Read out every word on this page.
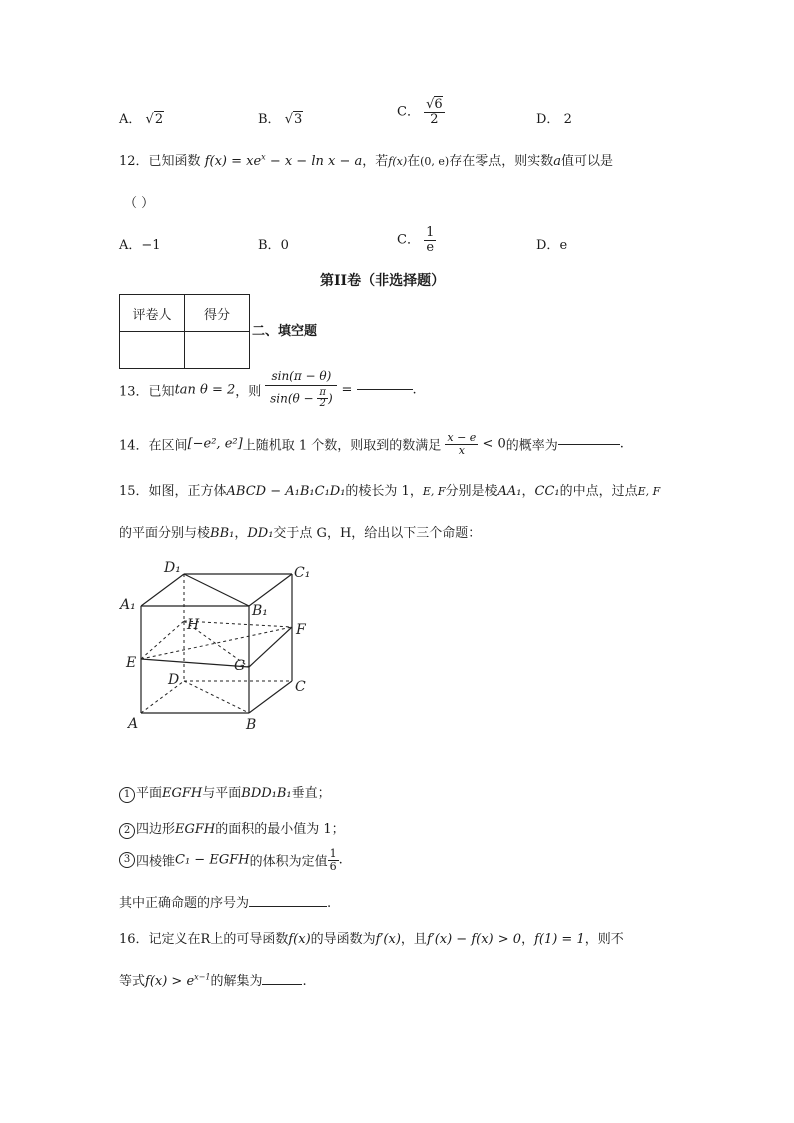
A． √ 2	B． √ 3	C． $\frac{√6}{2}$	D． 2
12．已知函数 $f(x) = xe^x - x - \ln x - a$，若f(x)在(0, e)存在零点，则实数a值可以是
（ ）
A．−1	B．0	C． $\frac{1}{e}$	D．e
第II卷（非选择题）
评卷人	得分

二、填空题
13．已知tan θ = 2，则 $\frac{\sin(\pi - \theta)}{\sin(\theta - \frac{\pi}{2} )}$ =	.
14．在区间[−e², e²]上随机取 1 个数，则取到的数满足 $\frac{x - e}{x} < 0$的概率为	.
15．如图，正方体ABCD − A₁B₁C₁D₁的棱长为 1，E, F分别是棱AA₁，CC₁的中点，过点E, F
的平面分别与棱BB₁，DD₁交于点 G，H，给出以下三个命题：
D₁	C₁
A₁	B₁
H	F
E	G
D	C
A	B
1 平面EGFH与平面BDD₁B₁垂直；
2 四边形EGFH的面积的最小值为 1；
3 四棱锥C₁ − EGFH的体积为定值 $\frac{1}{6}$ .
其中正确命题的序号为	.
16．记定义在R上的可导函数f(x)的导函数为f′(x)，且f′(x) − f(x) > 0，f(1) = 1，则不
等式$f(x) > e^{x-1}$的解集为	.
